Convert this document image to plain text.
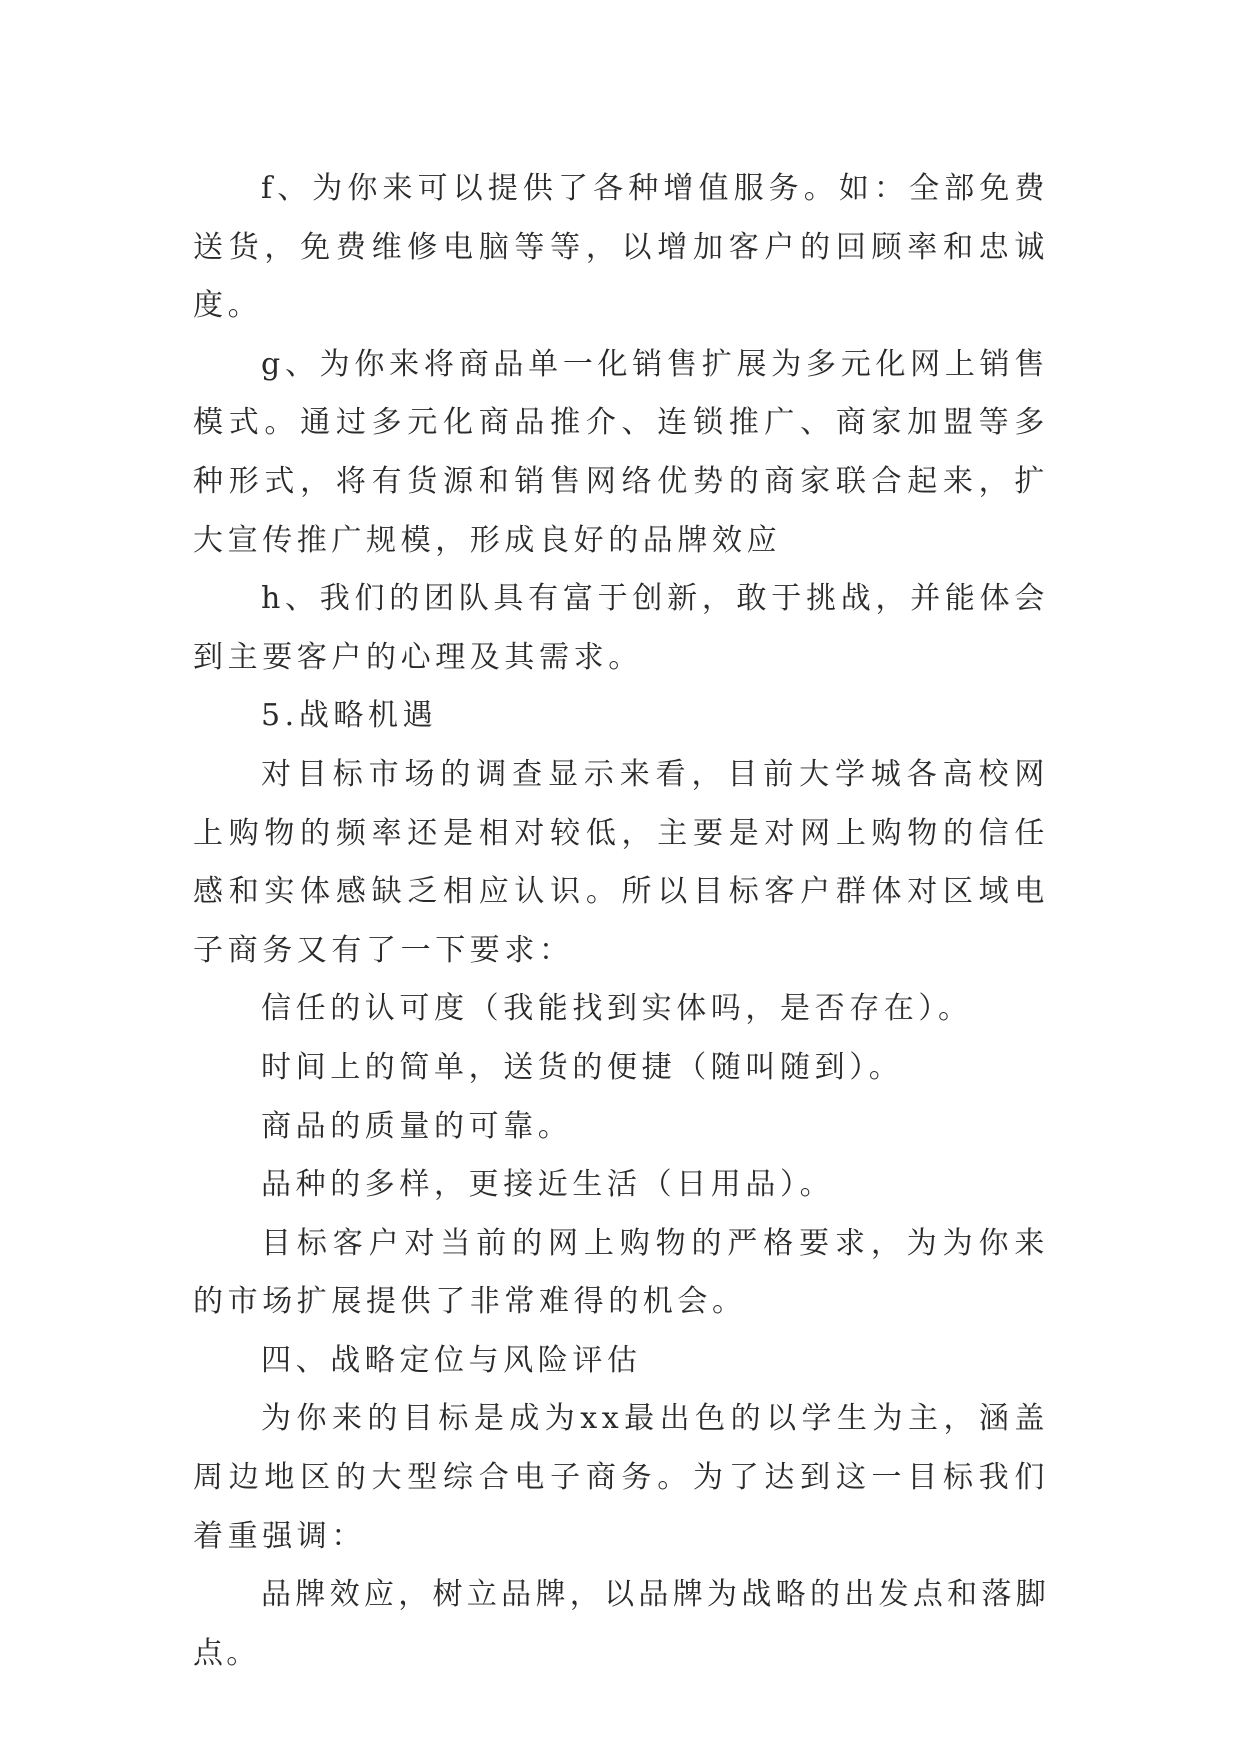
f、为你来可以提供了各种增值服务。如：全部免费送货，免费维修电脑等等，以增加客户的回顾率和忠诚度。

g、为你来将商品单一化销售扩展为多元化网上销售模式。通过多元化商品推介、连锁推广、商家加盟等多种形式，将有货源和销售网络优势的商家联合起来，扩大宣传推广规模，形成良好的品牌效应

h、我们的团队具有富于创新，敢于挑战，并能体会到主要客户的心理及其需求。

5.战略机遇

对目标市场的调查显示来看，目前大学城各高校网上购物的频率还是相对较低，主要是对网上购物的信任感和实体感缺乏相应认识。所以目标客户群体对区域电子商务又有了一下要求：

信任的认可度（我能找到实体吗，是否存在）。

时间上的简单，送货的便捷（随叫随到）。

商品的质量的可靠。

品种的多样，更接近生活（日用品）。

目标客户对当前的网上购物的严格要求，为为你来的市场扩展提供了非常难得的机会。

四、战略定位与风险评估

为你来的目标是成为xx最出色的以学生为主，涵盖周边地区的大型综合电子商务。为了达到这一目标我们着重强调：

品牌效应，树立品牌，以品牌为战略的出发点和落脚点。
